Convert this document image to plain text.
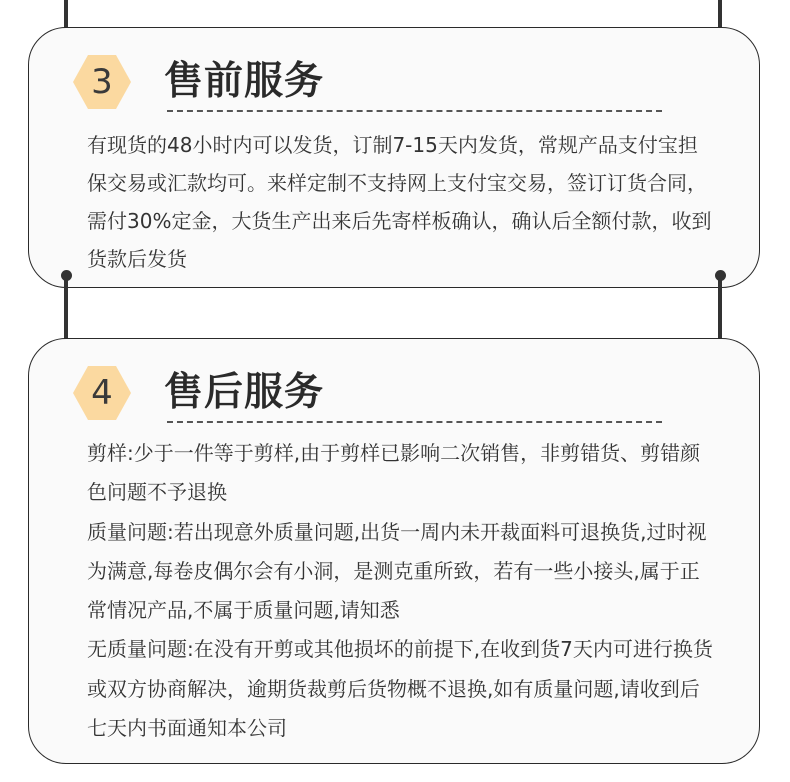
3	售前服务

有现货的48小时内可以发货，订制7-15天内发货，常规产品支付宝担保交易或汇款均可。来样定制不支持网上支付宝交易，签订订货合同，需付30%定金，大货生产出来后先寄样板确认，确认后全额付款，收到货款后发货

4	售后服务

剪样:少于一件等于剪样,由于剪样已影响二次销售，非剪错货、剪错颜色问题不予退换

质量问题:若出现意外质量问题,出货一周内未开裁面料可退换货,过时视为满意,每卷皮偶尔会有小洞，是测克重所致，若有一些小接头,属于正常情况产品,不属于质量问题,请知悉

无质量问题:在没有开剪或其他损坏的前提下,在收到货7天内可进行换货或双方协商解决，逾期货裁剪后货物概不退换,如有质量问题,请收到后七天内书面通知本公司
